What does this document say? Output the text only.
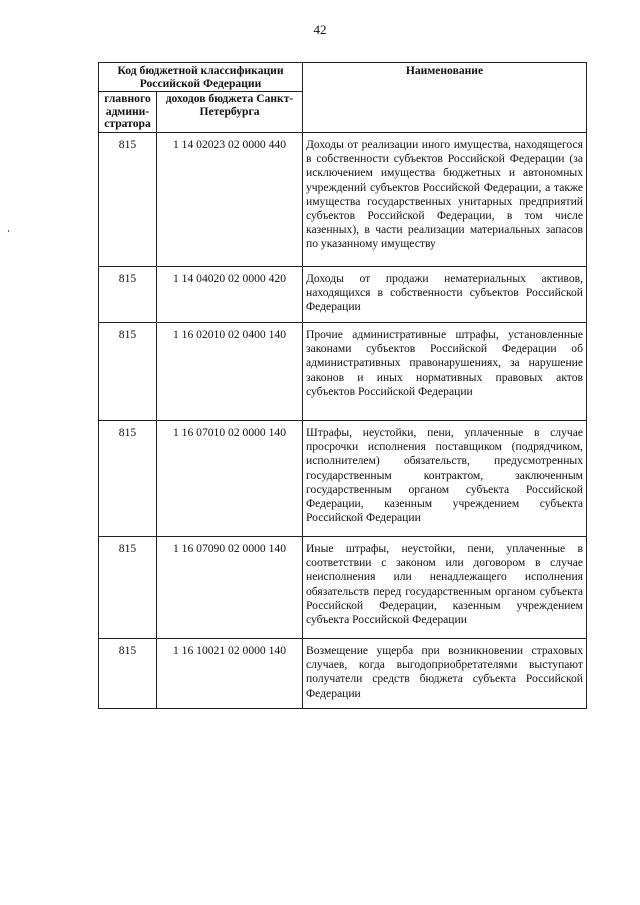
42
Код бюджетной классификации Российской Федерации		Наименование
главного админи-стратора	доходов бюджета Санкт-Петербурга	
815	1 14 02023 02 0000 440	Доходы от реализации иного имущества, находящегося в собственности субъектов Российской Федерации (за исключением имущества бюджетных и автономных учреждений субъектов Российской Федерации, а также имущества государственных унитарных предприятий субъектов Российской Федерации, в том числе казенных), в части реализации материальных запасов по указанному имуществу
815	1 14 04020 02 0000 420	Доходы от продажи нематериальных активов, находящихся в собственности субъектов Российской Федерации
815	1 16 02010 02 0400 140	Прочие административные штрафы, установленные законами субъектов Российской Федерации об административных правонарушениях, за нарушение законов и иных нормативных правовых актов субъектов Российской Федерации
815	1 16 07010 02 0000 140	Штрафы, неустойки, пени, уплаченные в случае просрочки исполнения поставщиком (подрядчиком, исполнителем) обязательств, предусмотренных государственным контрактом, заключенным государственным органом субъекта Российской Федерации, казенным учреждением субъекта Российской Федерации
815	1 16 07090 02 0000 140	Иные штрафы, неустойки, пени, уплаченные в соответствии с законом или договором в случае неисполнения или ненадлежащего исполнения обязательств перед государственным органом субъекта Российской Федерации, казенным учреждением субъекта Российской Федерации
815	1 16 10021 02 0000 140	Возмещение ущерба при возникновении страховых случаев, когда выгодоприобретателями выступают получатели средств бюджета субъекта Российской Федерации
